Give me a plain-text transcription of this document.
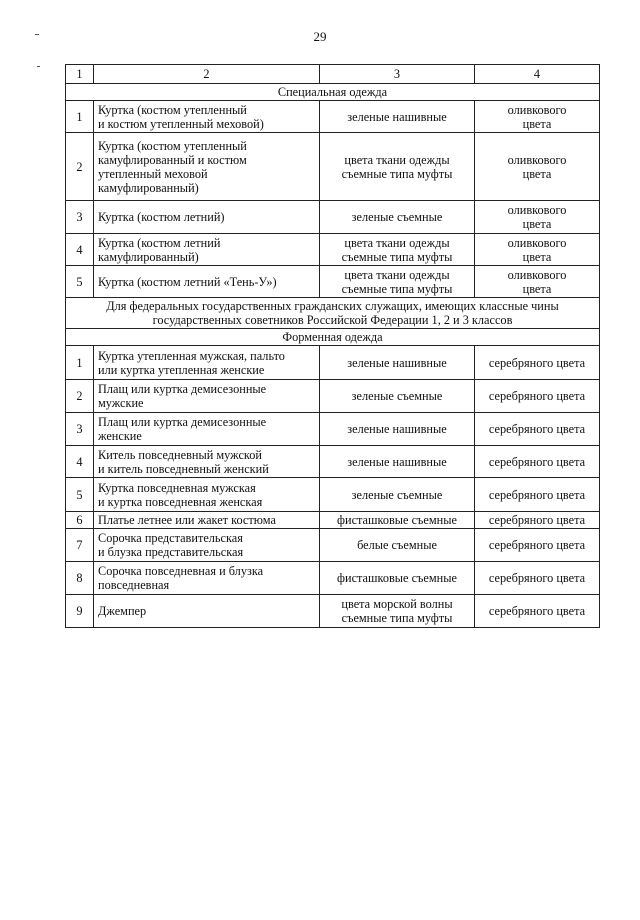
29
1	2	3	4
Специальная одежда			
1	Куртка (костюм утепленный
и костюм утепленный меховой)	зеленые нашивные	оливкового
цвета
2	Куртка (костюм утепленный
камуфлированный и костюм
утепленный меховой
камуфлированный)	цвета ткани одежды
съемные типа муфты	оливкового
цвета
3	Куртка (костюм летний)	зеленые съемные	оливкового
цвета
4	Куртка (костюм летний
камуфлированный)	цвета ткани одежды
съемные типа муфты	оливкового
цвета
5	Куртка (костюм летний «Тень-У»)	цвета ткани одежды
съемные типа муфты	оливкового
цвета
Для федеральных государственных гражданских служащих, имеющих классные чины
государственных советников Российской Федерации 1, 2 и 3 классов			
Форменная одежда			
1	Куртка утепленная мужская, пальто
или куртка утепленная женские	зеленые нашивные	серебряного цвета
2	Плащ или куртка демисезонные
мужские	зеленые съемные	серебряного цвета
3	Плащ или куртка демисезонные
женские	зеленые нашивные	серебряного цвета
4	Китель повседневный мужской
и китель повседневный женский	зеленые нашивные	серебряного цвета
5	Куртка повседневная мужская
и куртка повседневная женская	зеленые съемные	серебряного цвета
6	Платье летнее или жакет костюма	фисташковые съемные	серебряного цвета
7	Сорочка представительская
и блузка представительская	белые съемные	серебряного цвета
8	Сорочка повседневная и блузка
повседневная	фисташковые съемные	серебряного цвета
9	Джемпер	цвета морской волны
съемные типа муфты	серебряного цвета
